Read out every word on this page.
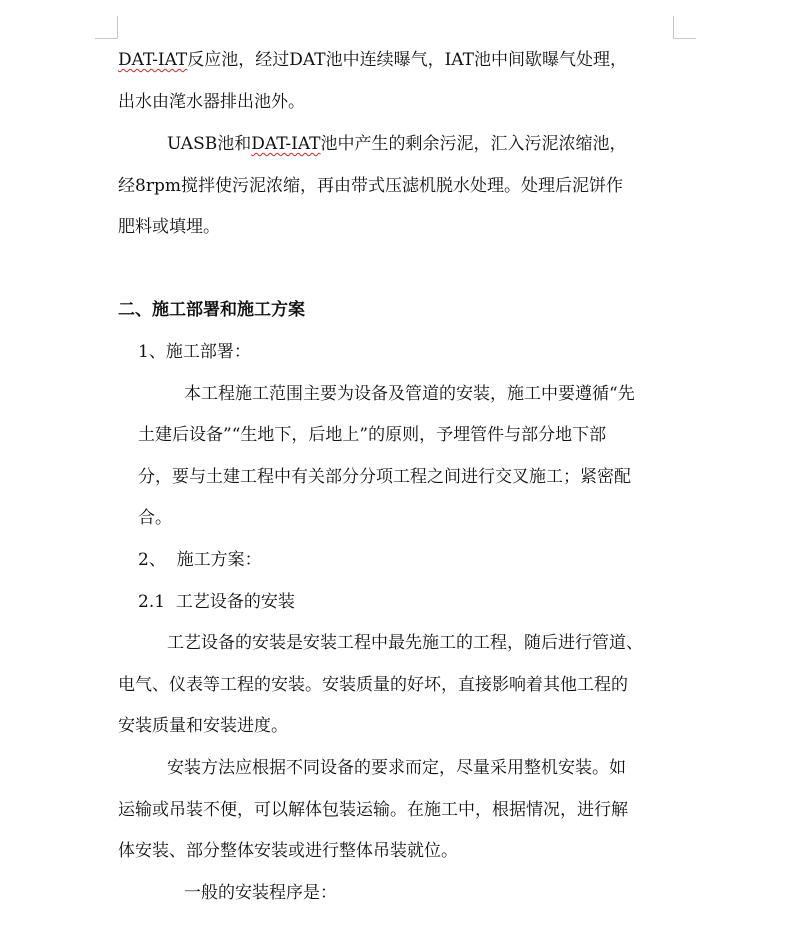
DAT-IAT反应池，经过DAT池中连续曝气，IAT池中间歇曝气处理，
出水由滗水器排出池外。
UASB池和DAT-IAT池中产生的剩余污泥，汇入污泥浓缩池，
经8rpm搅拌使污泥浓缩，再由带式压滤机脱水处理。处理后泥饼作
肥料或填埋。
二、施工部署和施工方案
1、施工部署：
本工程施工范围主要为设备及管道的安装，施工中要遵循“先
土建后设备”“生地下，后地上”的原则，予埋管件与部分地下部
分，要与土建工程中有关部分分项工程之间进行交叉施工；紧密配
合。
2、  施工方案：
2.1  工艺设备的安装
工艺设备的安装是安装工程中最先施工的工程，随后进行管道、
电气、仪表等工程的安装。安装质量的好坏，直接影响着其他工程的
安装质量和安装进度。
安装方法应根据不同设备的要求而定，尽量采用整机安装。如
运输或吊装不便，可以解体包装运输。在施工中，根据情况，进行解
体安装、部分整体安装或进行整体吊装就位。
一般的安装程序是：
